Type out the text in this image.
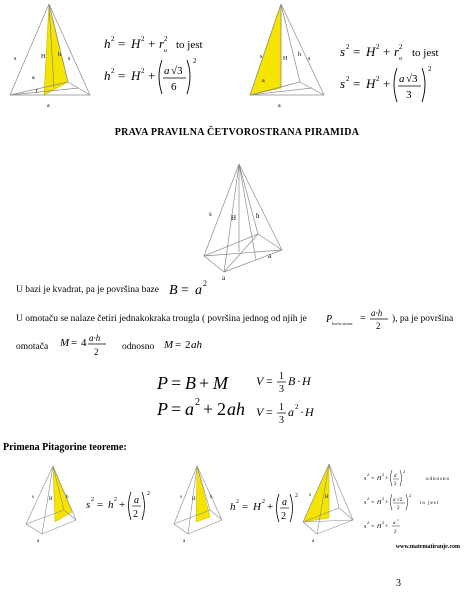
s	H h
s
a
r
a
h 2 = H 2 + r 2
u to jest
h 2 = H 2 + a √3
6
2	s	H
h
s
a
a
s 2 = H 2 + r 2
o to jest
s 2 = H 2 + a √3
3
2
PRAVA PRAVILNA ČETVOROSTRANA PIRAMIDA
s	H	h
a
a
U bazi je kvadrat, pa je površina baze B = a 2
U omotaču se nalaze četiri jednakokraka trougla ( površina jednog od njih je P bočne strane = a·h
2
), pa je površina
omotača M = 4 a·h
2 odnosno M = 2 ah
P = B + M
P = a 2 + 2 ah
V = 1
3
B · H
V = 1
3
a 2 · H
Primena Pitagorine teoreme:
s	H	h
a
s 2 = h 2 + a
2
2
s H	h
a
h 2 = H 2 + a
2
2 s	H
a
s
2
= H
2
+ d
2
2
odnosno
s
2
= H
2
+ a √2
2
2
to jest
s
2
= H
2
+
a
2
2
www.matematiranje.com
3
